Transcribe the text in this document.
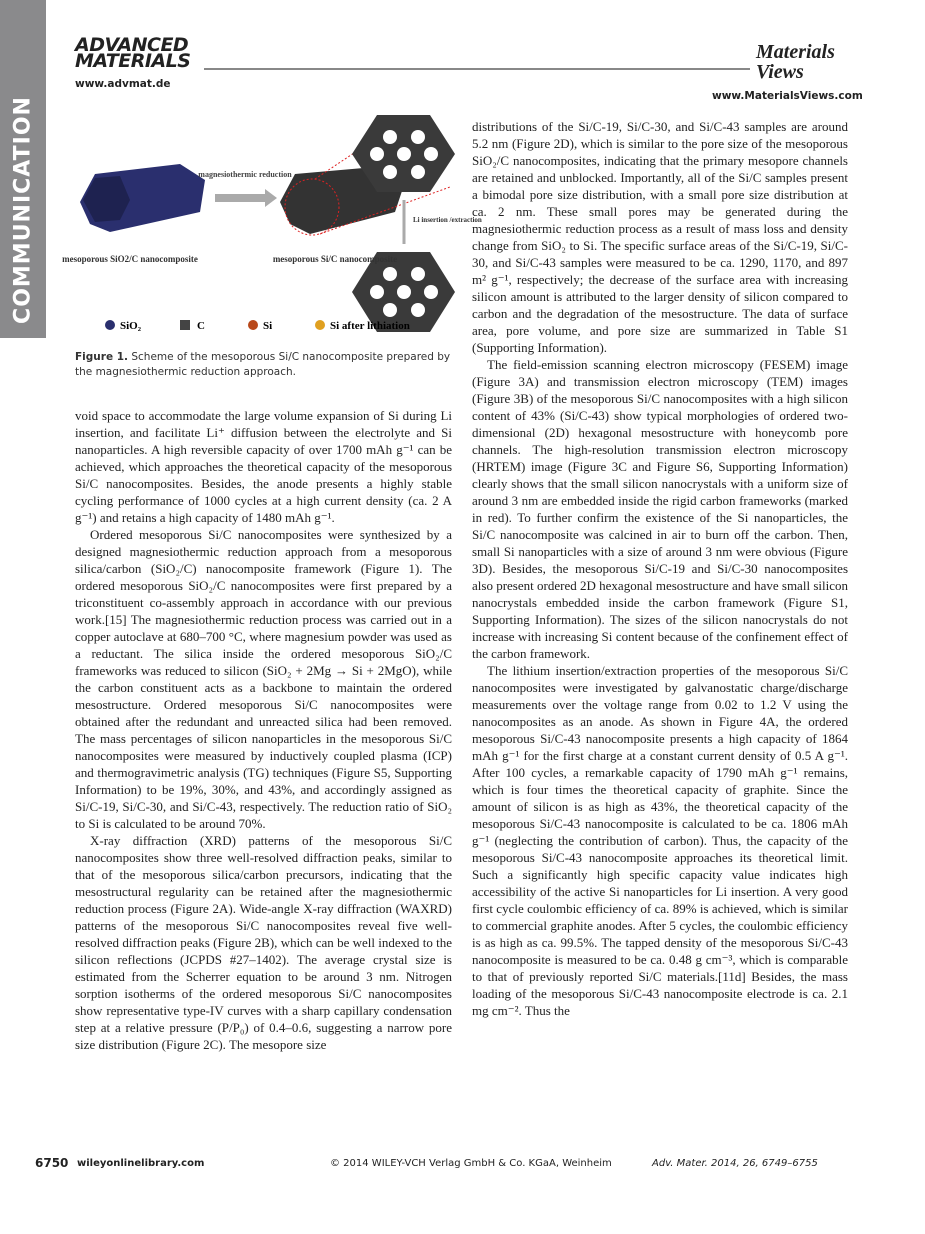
COMMUNICATION
ADVANCED MATERIALS
www.advmat.de
Materials Views
www.MaterialsViews.com
magnesiothermic reduction
Li insertion /extraction
mesoporous SiO2/C nanocomposite	mesoporous Si/C nanocomposite
SiO₂	C	Si	Si after lithiation
Figure 1. Scheme of the mesoporous Si/C nanocomposite prepared by the magnesiothermic reduction approach.

void space to accommodate the large volume expansion of Si during Li insertion, and facilitate Li⁺ diffusion between the electrolyte and Si nanoparticles. A high reversible capacity of over 1700 mAh g⁻¹ can be achieved, which approaches the theoretical capacity of the mesoporous Si/C nanocomposites. Besides, the anode presents a highly stable cycling performance of 1000 cycles at a high current density (ca. 2 A g⁻¹) and retains a high capacity of 1480 mAh g⁻¹.

Ordered mesoporous Si/C nanocomposites were synthesized by a designed magnesiothermic reduction approach from a mesoporous silica/carbon (SiO₂/C) nanocomposite framework (Figure 1). The ordered mesoporous SiO₂/C nanocomposites were first prepared by a triconstituent co-assembly approach in accordance with our previous work.[15] The magnesiothermic reduction process was carried out in a copper autoclave at 680–700 °C, where magnesium powder was used as a reductant. The silica inside the ordered mesoporous SiO₂/C frameworks was reduced to silicon (SiO₂ + 2Mg → Si + 2MgO), while the carbon constituent acts as a backbone to maintain the ordered mesostructure. Ordered mesoporous Si/C nanocomposites were obtained after the redundant and unreacted silica had been removed. The mass percentages of silicon nanoparticles in the mesoporous Si/C nanocomposites were measured by inductively coupled plasma (ICP) and thermogravimetric analysis (TG) techniques (Figure S5, Supporting Information) to be 19%, 30%, and 43%, and accordingly assigned as Si/C-19, Si/C-30, and Si/C-43, respectively. The reduction ratio of SiO₂ to Si is calculated to be around 70%.

X-ray diffraction (XRD) patterns of the mesoporous Si/C nanocomposites show three well-resolved diffraction peaks, similar to that of the mesoporous silica/carbon precursors, indicating that the mesostructural regularity can be retained after the magnesiothermic reduction process (Figure 2A). Wide-angle X-ray diffraction (WAXRD) patterns of the mesoporous Si/C nanocomposites reveal five well-resolved diffraction peaks (Figure 2B), which can be well indexed to the silicon reflections (JCPDS #27–1402). The average crystal size is estimated from the Scherrer equation to be around 3 nm. Nitrogen sorption isotherms of the ordered mesoporous Si/C nanocomposites show representative type-IV curves with a sharp capillary condensation step at a relative pressure (P/P₀) of 0.4–0.6, suggesting a narrow pore size distribution (Figure 2C). The mesopore size

distributions of the Si/C-19, Si/C-30, and Si/C-43 samples are around 5.2 nm (Figure 2D), which is similar to the pore size of the mesoporous SiO₂/C nanocomposites, indicating that the primary mesopore channels are retained and unblocked. Importantly, all of the Si/C samples present a bimodal pore size distribution, with a small pore size distribution at ca. 2 nm. These small pores may be generated during the magnesiothermic reduction process as a result of mass loss and density change from SiO₂ to Si. The specific surface areas of the Si/C-19, Si/C-30, and Si/C-43 samples were measured to be ca. 1290, 1170, and 897 m² g⁻¹, respectively; the decrease of the surface area with increasing silicon amount is attributed to the larger density of silicon compared to carbon and the degradation of the mesostructure. The data of surface area, pore volume, and pore size are summarized in Table S1 (Supporting Information).

The field-emission scanning electron microscopy (FESEM) image (Figure 3A) and transmission electron microscopy (TEM) images (Figure 3B) of the mesoporous Si/C nanocomposites with a high silicon content of 43% (Si/C-43) show typical morphologies of ordered two-dimensional (2D) hexagonal mesostructure with honeycomb pore channels. The high-resolution transmission electron microscopy (HRTEM) image (Figure 3C and Figure S6, Supporting Information) clearly shows that the small silicon nanocrystals with a uniform size of around 3 nm are embedded inside the rigid carbon frameworks (marked in red). To further confirm the existence of the Si nanoparticles, the Si/C nanocomposite was calcined in air to burn off the carbon. Then, small Si nanoparticles with a size of around 3 nm were obvious (Figure 3D). Besides, the mesoporous Si/C-19 and Si/C-30 nanocomposites also present ordered 2D hexagonal mesostructure and have small silicon nanocrystals embedded inside the carbon framework (Figure S1, Supporting Information). The sizes of the silicon nanocrystals do not increase with increasing Si content because of the confinement effect of the carbon framework.

The lithium insertion/extraction properties of the mesoporous Si/C nanocomposites were investigated by galvanostatic charge/discharge measurements over the voltage range from 0.02 to 1.2 V using the nanocomposites as an anode. As shown in Figure 4A, the ordered mesoporous Si/C-43 nanocomposite presents a high capacity of 1864 mAh g⁻¹ for the first charge at a constant current density of 0.5 A g⁻¹. After 100 cycles, a remarkable capacity of 1790 mAh g⁻¹ remains, which is four times the theoretical capacity of graphite. Since the amount of silicon is as high as 43%, the theoretical capacity of the mesoporous Si/C-43 nanocomposite is calculated to be ca. 1806 mAh g⁻¹ (neglecting the contribution of carbon). Thus, the capacity of the mesoporous Si/C-43 nanocomposite approaches its theoretical limit. Such a significantly high specific capacity value indicates high accessibility of the active Si nanoparticles for Li insertion. A very good first cycle coulombic efficiency of ca. 89% is achieved, which is similar to commercial graphite anodes. After 5 cycles, the coulombic efficiency is as high as ca. 99.5%. The tapped density of the mesoporous Si/C-43 nanocomposite is measured to be ca. 0.48 g cm⁻³, which is comparable to that of previously reported Si/C materials.[11d] Besides, the mass loading of the mesoporous Si/C-43 nanocomposite electrode is ca. 2.1 mg cm⁻². Thus the

6750 wileyonlinelibrary.com	© 2014 WILEY-VCH Verlag GmbH & Co. KGaA, Weinheim	Adv. Mater. 2014, 26, 6749–6755
